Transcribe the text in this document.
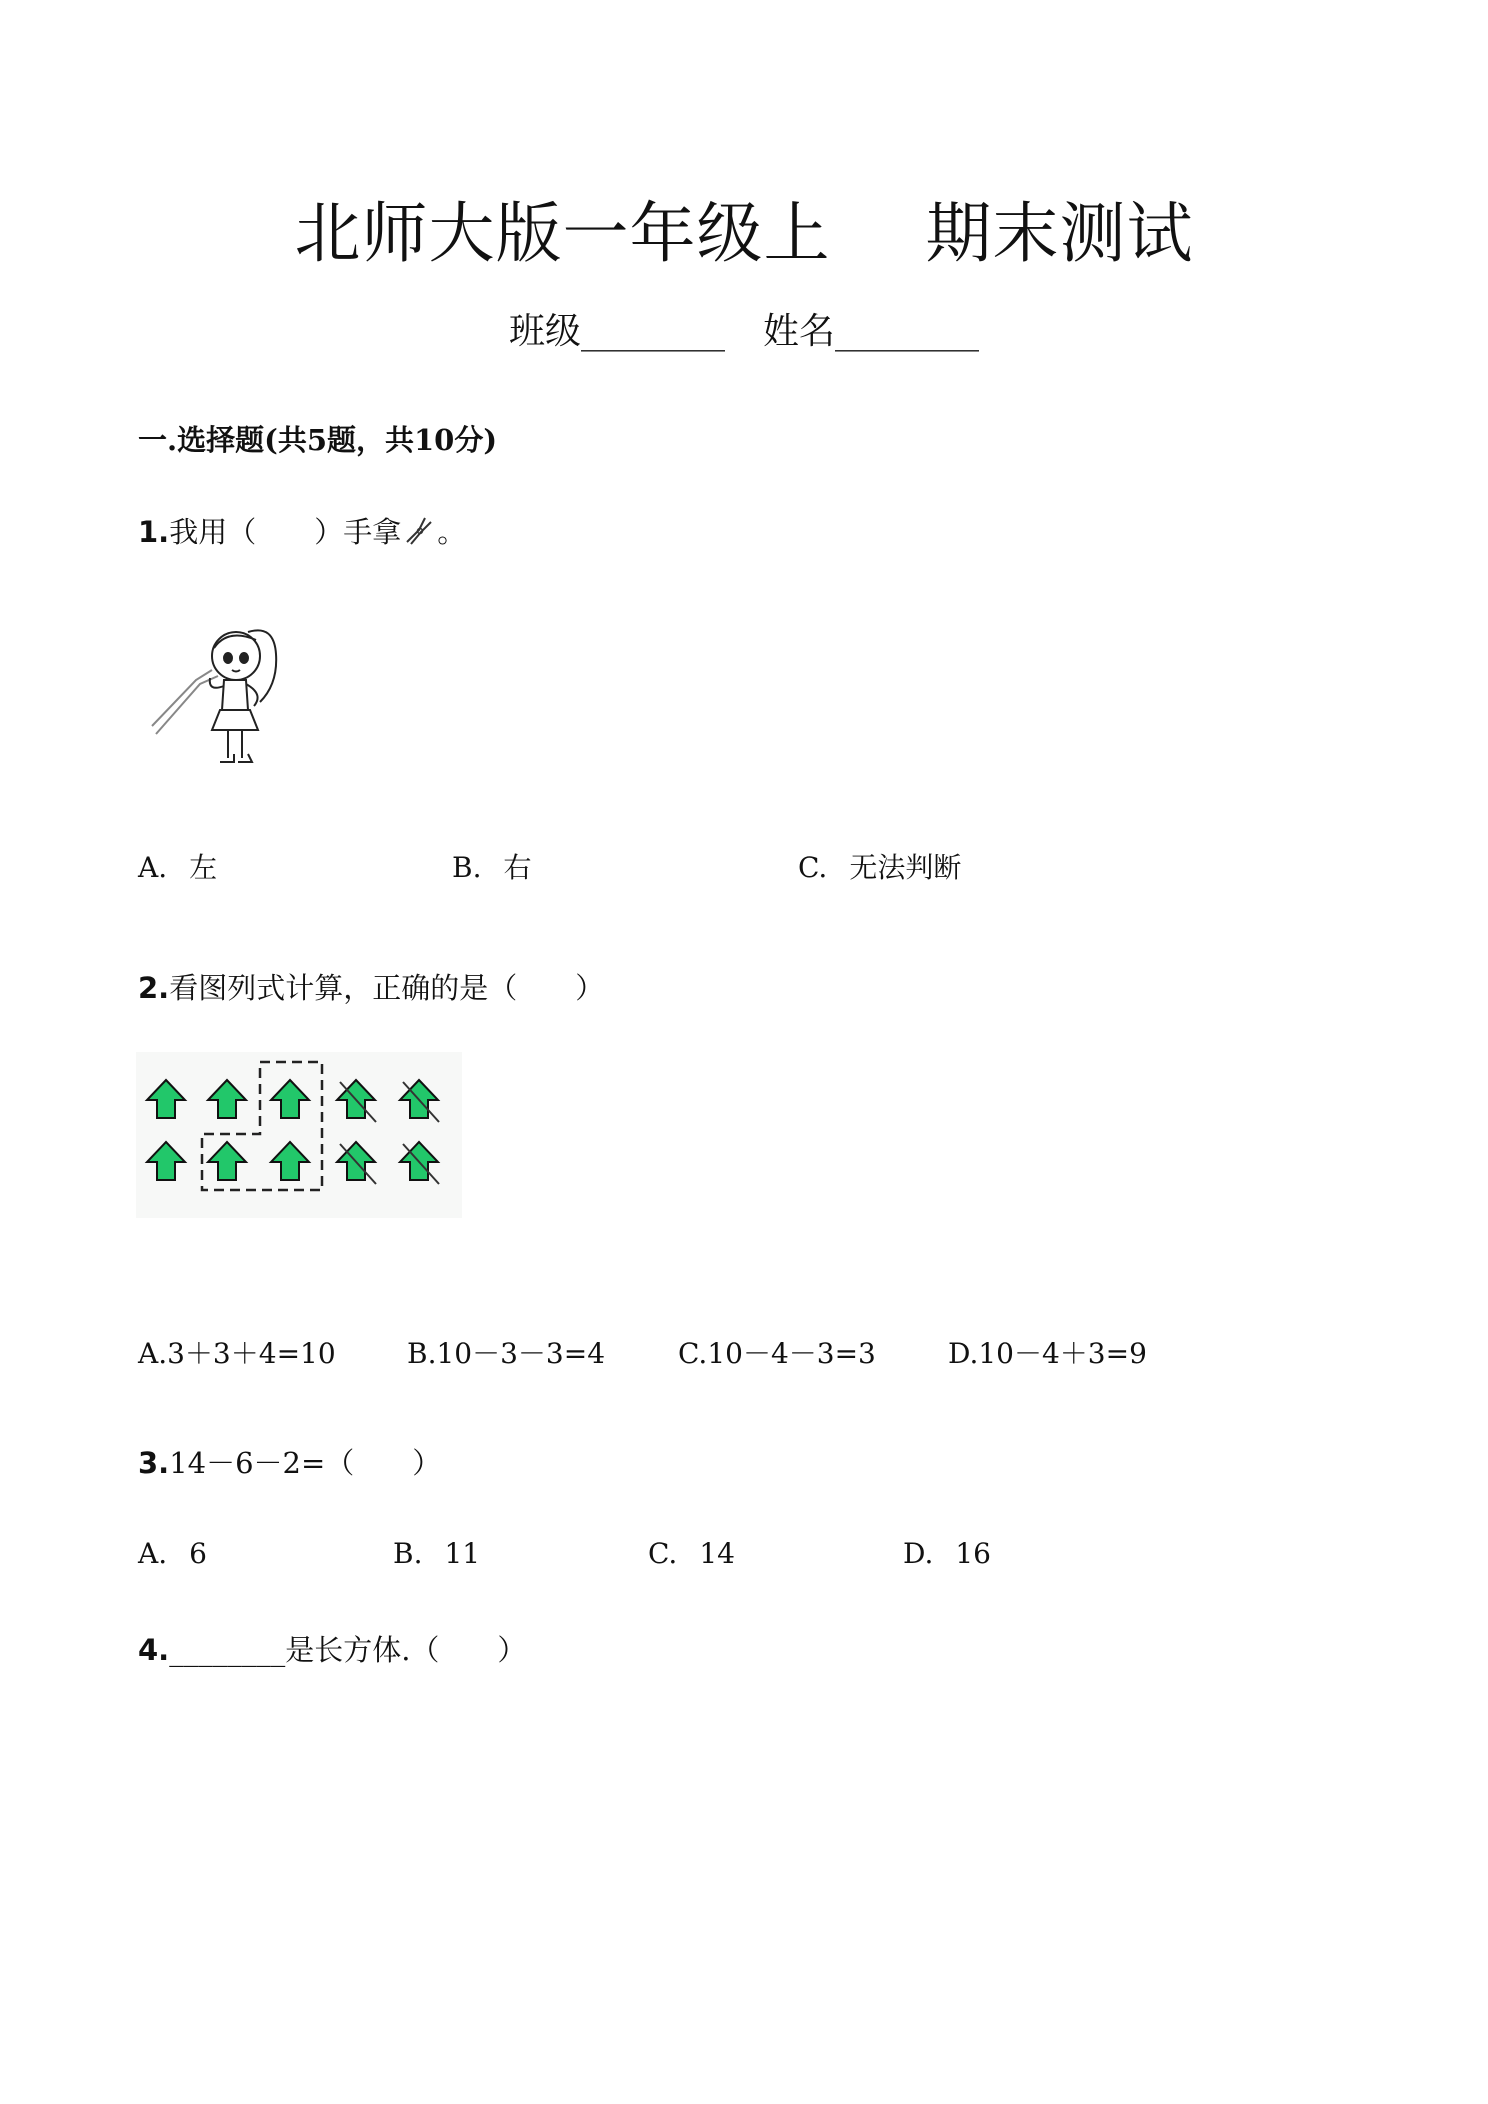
北师大版一年级上 期末测试
班级________ 姓名________
一.选择题(共5题，共10分)
1.我用（　　）手拿 。
A. 左	B. 右	C. 无法判断
2.看图列式计算，正确的是（　　）
A.3＋3＋4=10	B.10－3－3=4	C.10－4－3=3	D.10－4＋3=9
3.14－6－2=（　　）
A. 6	B. 11	C. 14	D. 16
4.________是长方体.（　　）
